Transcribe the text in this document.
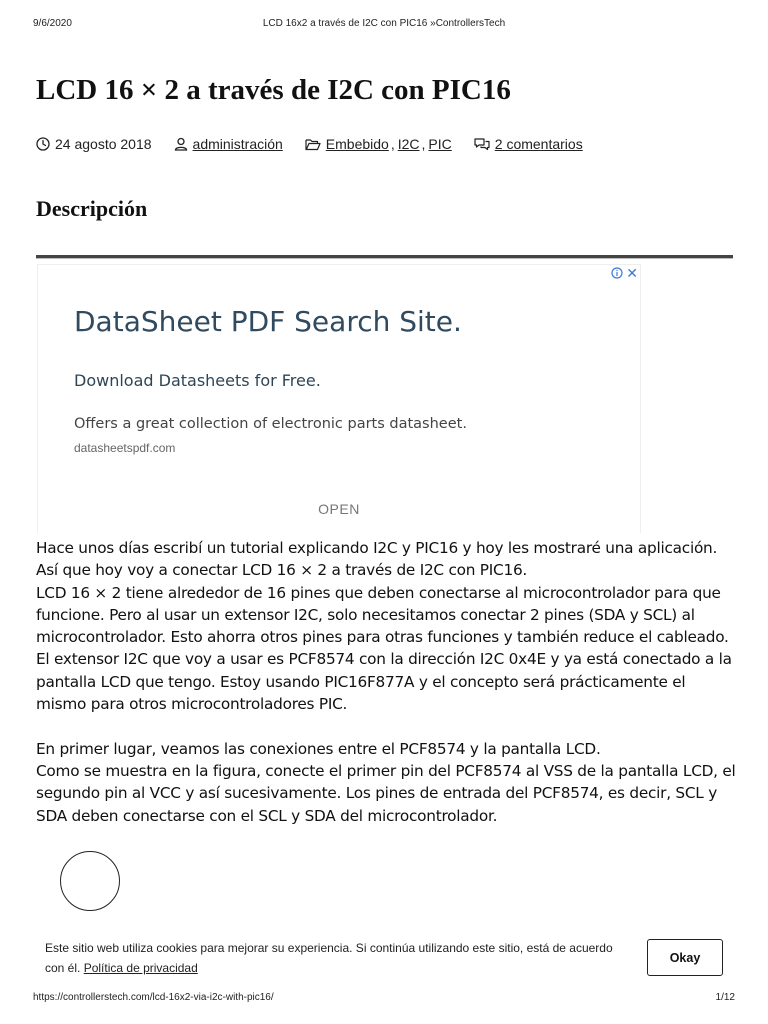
9/6/2020	LCD 16x2 a través de I2C con PIC16 »ControllersTech
LCD 16 × 2 a través de I2C con PIC16
24 agosto 2018	administración	Embebido , I2C , PIC	2 comentarios
Descripción
✕
DataSheet PDF Search Site.
Download Datasheets for Free.
Offers a great collection of electronic parts datasheet.
datasheetspdf.com
OPEN

Hace unos días escribí un tutorial explicando I2C y PIC16 y hoy les mostraré una aplicación. Así que hoy voy a conectar LCD 16 × 2 a través de I2C con PIC16.

LCD 16 × 2 tiene alrededor de 16 pines que deben conectarse al microcontrolador para que funcione. Pero al usar un extensor I2C, solo necesitamos conectar 2 pines (SDA y SCL) al microcontrolador. Esto ahorra otros pines para otras funciones y también reduce el cableado.

El extensor I2C que voy a usar es PCF8574 con la dirección I2C 0x4E y ya está conectado a la pantalla LCD que tengo. Estoy usando PIC16F877A y el concepto será prácticamente el mismo para otros microcontroladores PIC.

En primer lugar, veamos las conexiones entre el PCF8574 y la pantalla LCD.

Como se muestra en la figura, conecte el primer pin del PCF8574 al VSS de la pantalla LCD, el segundo pin al VCC y así sucesivamente. Los pines de entrada del PCF8574, es decir, SCL y SDA deben conectarse con el SCL y SDA del microcontrolador.

Este sitio web utiliza cookies para mejorar su experiencia. Si continúa utilizando este sitio, está de acuerdo con él. Política de privacidad
Okay
https://controllerstech.com/lcd-16x2-via-i2c-with-pic16/	1/12
